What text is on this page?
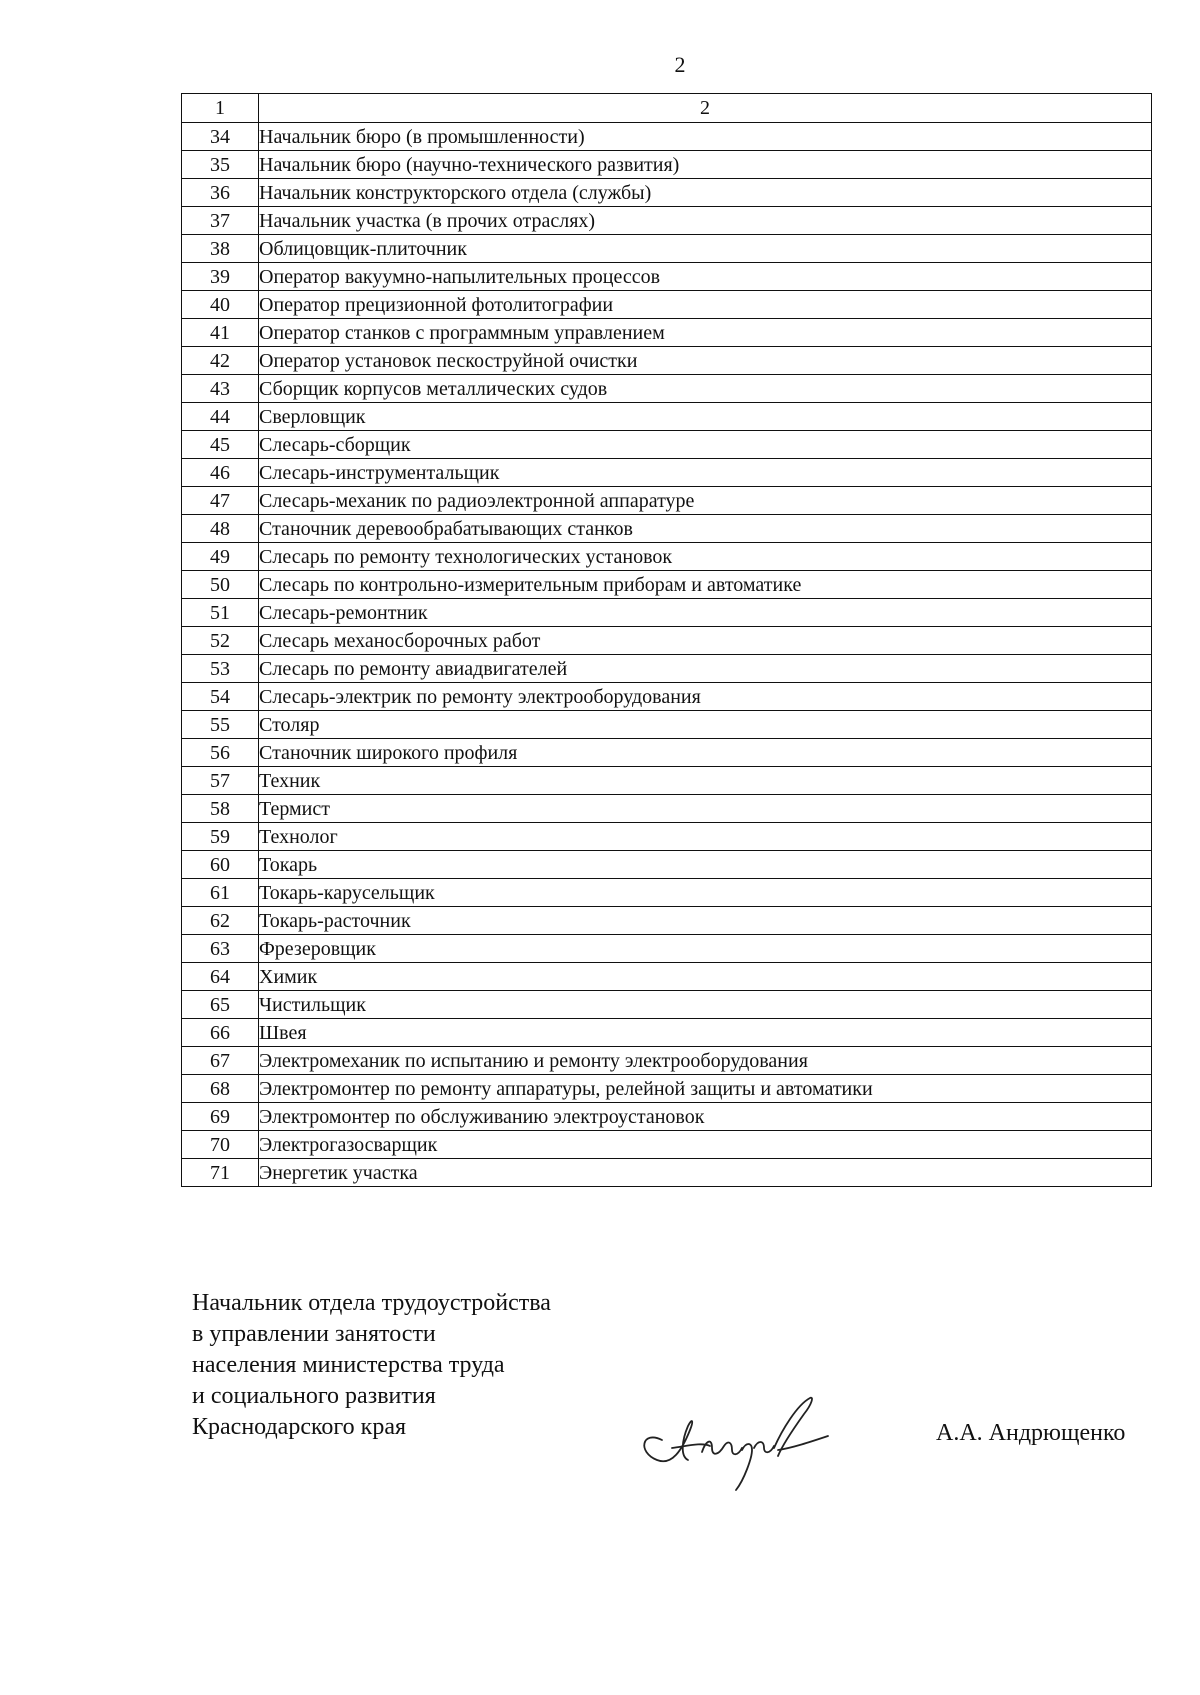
2
1	2
34	Начальник бюро (в промышленности)
35	Начальник бюро (научно-технического развития)
36	Начальник конструкторского отдела (службы)
37	Начальник участка (в прочих отраслях)
38	Облицовщик-плиточник
39	Оператор вакуумно-напылительных процессов
40	Оператор прецизионной фотолитографии
41	Оператор станков с программным управлением
42	Оператор установок пескоструйной очистки
43	Сборщик корпусов металлических судов
44	Сверловщик
45	Слесарь-сборщик
46	Слесарь-инструментальщик
47	Слесарь-механик по радиоэлектронной аппаратуре
48	Станочник деревообрабатывающих станков
49	Слесарь по ремонту технологических установок
50	Слесарь по контрольно-измерительным приборам и автоматике
51	Слесарь-ремонтник
52	Слесарь механосборочных работ
53	Слесарь по ремонту авиадвигателей
54	Слесарь-электрик по ремонту электрооборудования
55	Столяр
56	Станочник широкого профиля
57	Техник
58	Термист
59	Технолог
60	Токарь
61	Токарь-карусельщик
62	Токарь-расточник
63	Фрезеровщик
64	Химик
65	Чистильщик
66	Швея
67	Электромеханик по испытанию и ремонту электрооборудования
68	Электромонтер по ремонту аппаратуры, релейной защиты и автоматики
69	Электромонтер по обслуживанию электроустановок
70	Электрогазосварщик
71	Энергетик участка
Начальник отдела трудоустройства
в управлении занятости
населения министерства труда
и социального развития
Краснодарского края	А.А. Андрющенко
